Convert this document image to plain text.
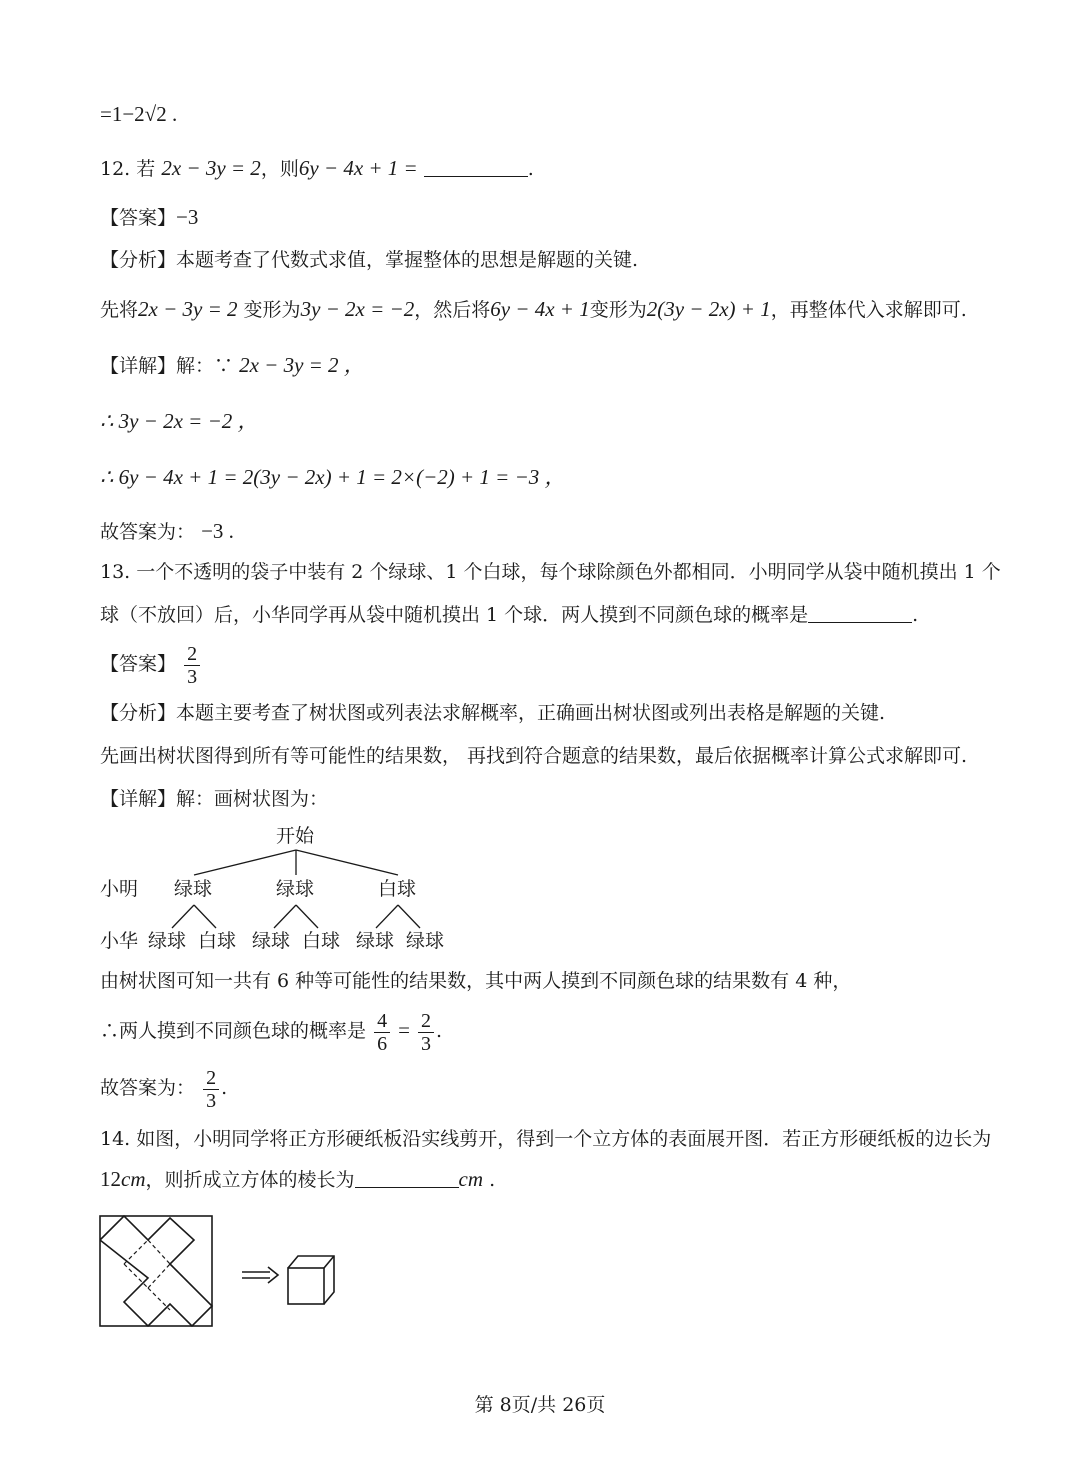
=1−2√2 .
12. 若 2x − 3y = 2，则6y − 4x + 1 =	.
【答案】−3
【分析】本题考查了代数式求值，掌握整体的思想是解题的关键.
先将2x − 3y = 2 变形为3y − 2x = −2，然后将6y − 4x + 1变形为2(3y − 2x) + 1，再整体代入求解即可.
【详解】解：∵ 2x − 3y = 2 ，
∴ 3y − 2x = −2 ，
∴ 6y − 4x + 1 = 2(3y − 2x) + 1 = 2×(−2) + 1 = −3 ，
故答案为： −3 .
13. 一个不透明的袋子中装有 2 个绿球、1 个白球，每个球除颜色外都相同．小明同学从袋中随机摸出 1 个
球（不放回）后，小华同学再从袋中随机摸出 1 个球．两人摸到不同颜色球的概率是	.
【答案】 $\frac{2}{3}$
【分析】本题主要考查了树状图或列表法求解概率，正确画出树状图或列出表格是解题的关键.
先画出树状图得到所有等可能性的结果数， 再找到符合题意的结果数，最后依据概率计算公式求解即可.
【详解】解：画树状图为：
开始
小明 绿球	绿球	白球
小华 绿球 白球 绿球 白球 绿球 绿球
由树状图可知一共有 6 种等可能性的结果数，其中两人摸到不同颜色球的结果数有 4 种，
∴两人摸到不同颜色球的概率是 $\frac{4}{6} = \frac{2}{3}$ .
故答案为： $\frac{2}{3}$ .
14. 如图，小明同学将正方形硬纸板沿实线剪开，得到一个立方体的表面展开图．若正方形硬纸板的边长为
12cm，则折成立方体的棱长为	cm .
第 8页/共 26页
